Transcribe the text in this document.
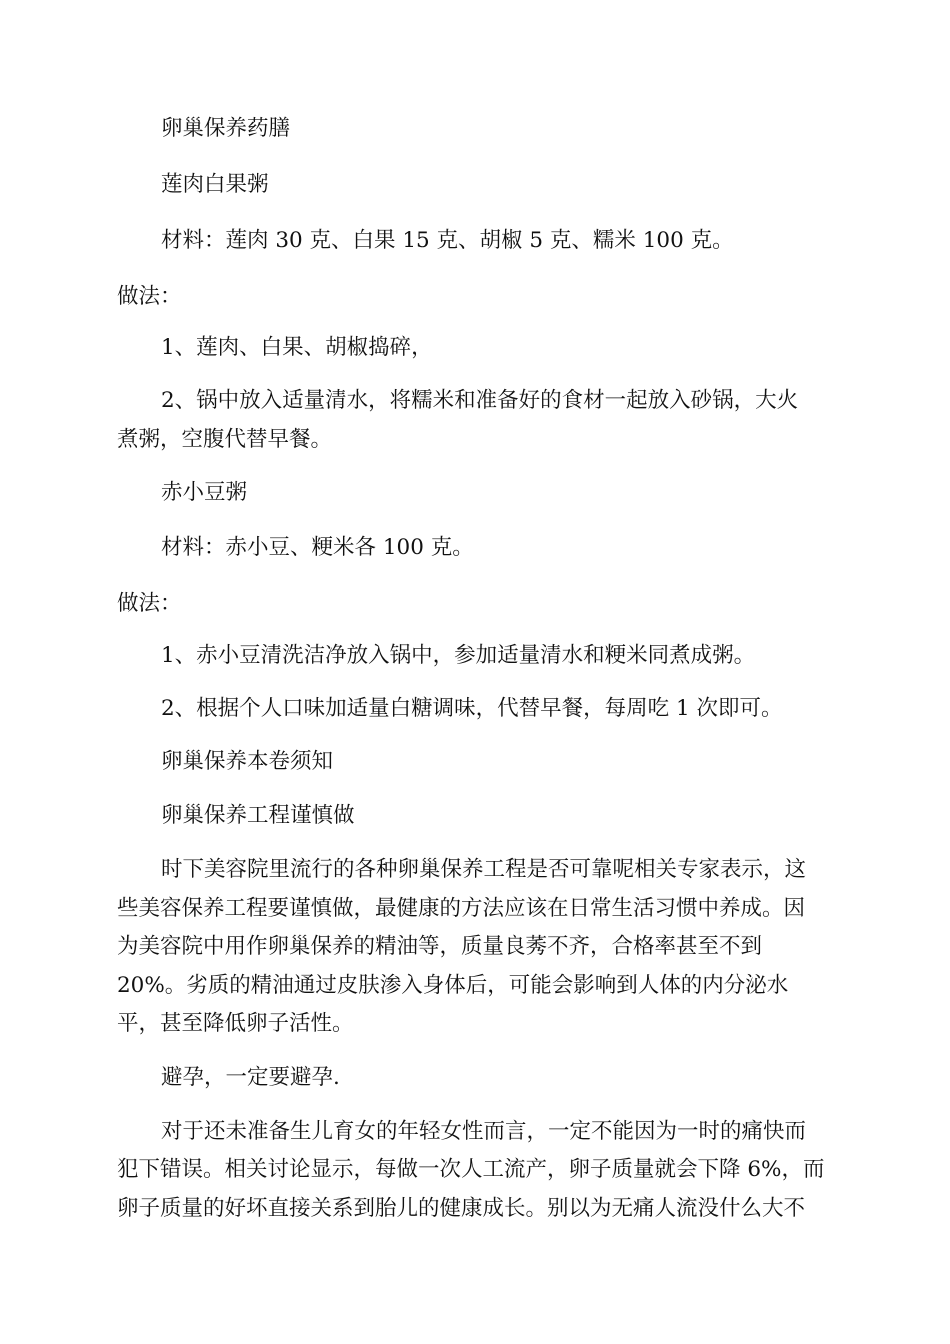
卵巢保养药膳
莲肉白果粥
材料：莲肉 30 克、白果 15 克、胡椒 5 克、糯米 100 克。
做法：
1、莲肉、白果、胡椒捣碎，
2、锅中放入适量清水，将糯米和准备好的食材一起放入砂锅，大火
煮粥，空腹代替早餐。
赤小豆粥
材料：赤小豆、粳米各 100 克。
做法：
1、赤小豆清洗洁净放入锅中，参加适量清水和粳米同煮成粥。
2、根据个人口味加适量白糖调味，代替早餐，每周吃 1 次即可。
卵巢保养本卷须知
卵巢保养工程谨慎做
时下美容院里流行的各种卵巢保养工程是否可靠呢相关专家表示，这
些美容保养工程要谨慎做，最健康的方法应该在日常生活习惯中养成。因
为美容院中用作卵巢保养的精油等，质量良莠不齐，合格率甚至不到
20%。劣质的精油通过皮肤渗入身体后，可能会影响到人体的内分泌水
平，甚至降低卵子活性。
避孕，一定要避孕.
对于还未准备生儿育女的年轻女性而言，一定不能因为一时的痛快而
犯下错误。相关讨论显示，每做一次人工流产，卵子质量就会下降 6%，而
卵子质量的好坏直接关系到胎儿的健康成长。别以为无痛人流没什么大不
